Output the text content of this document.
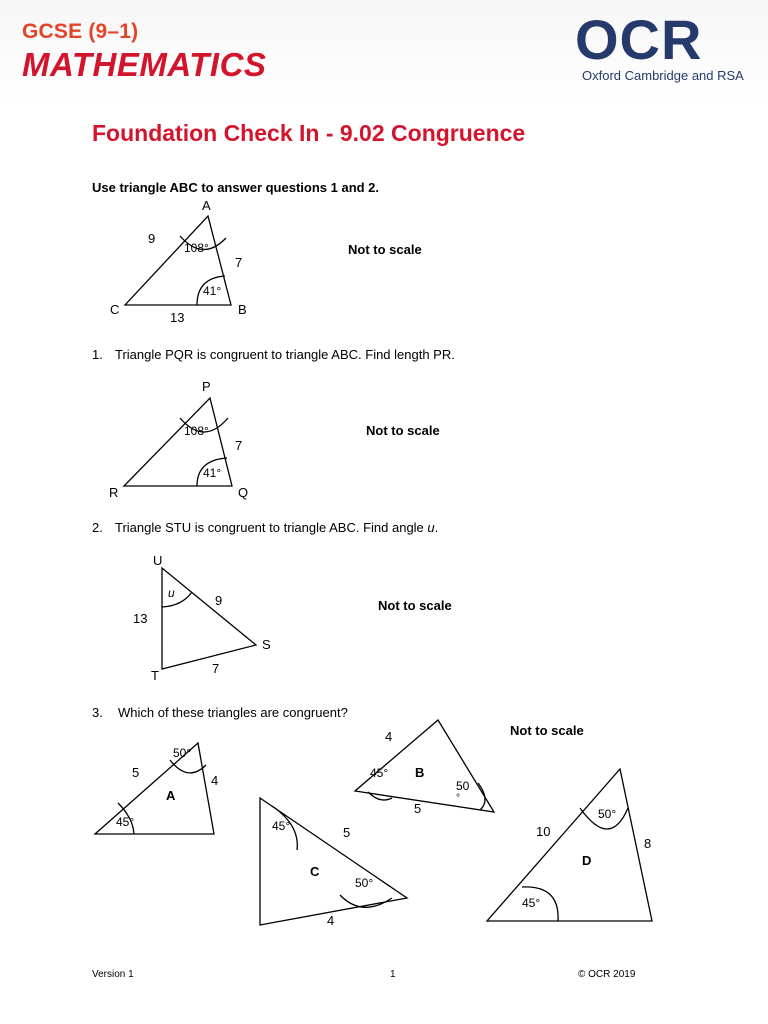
GCSE (9–1)
MATHEMATICS	OCR
Oxford Cambridge and RSA
Foundation Check In - 9.02 Congruence
Use triangle ABC to answer questions 1 and 2.
A
B
C
9
7
13
108°
41°
Not to scale
1. Triangle PQR is congruent to triangle ABC. Find length PR.
P
Q
R
7
108°
41°
Not to scale
2. Triangle STU is congruent to triangle ABC. Find angle u.
U
S
T
13
9
7
u
Not to scale
3. Which of these triangles are congruent?
Not to scale
5
4
50°
45°
A
4
5
45°
50
°
B
5
4
45°
50°
C
10
8
50°
45°
D
Version 1	1	© OCR 2019
